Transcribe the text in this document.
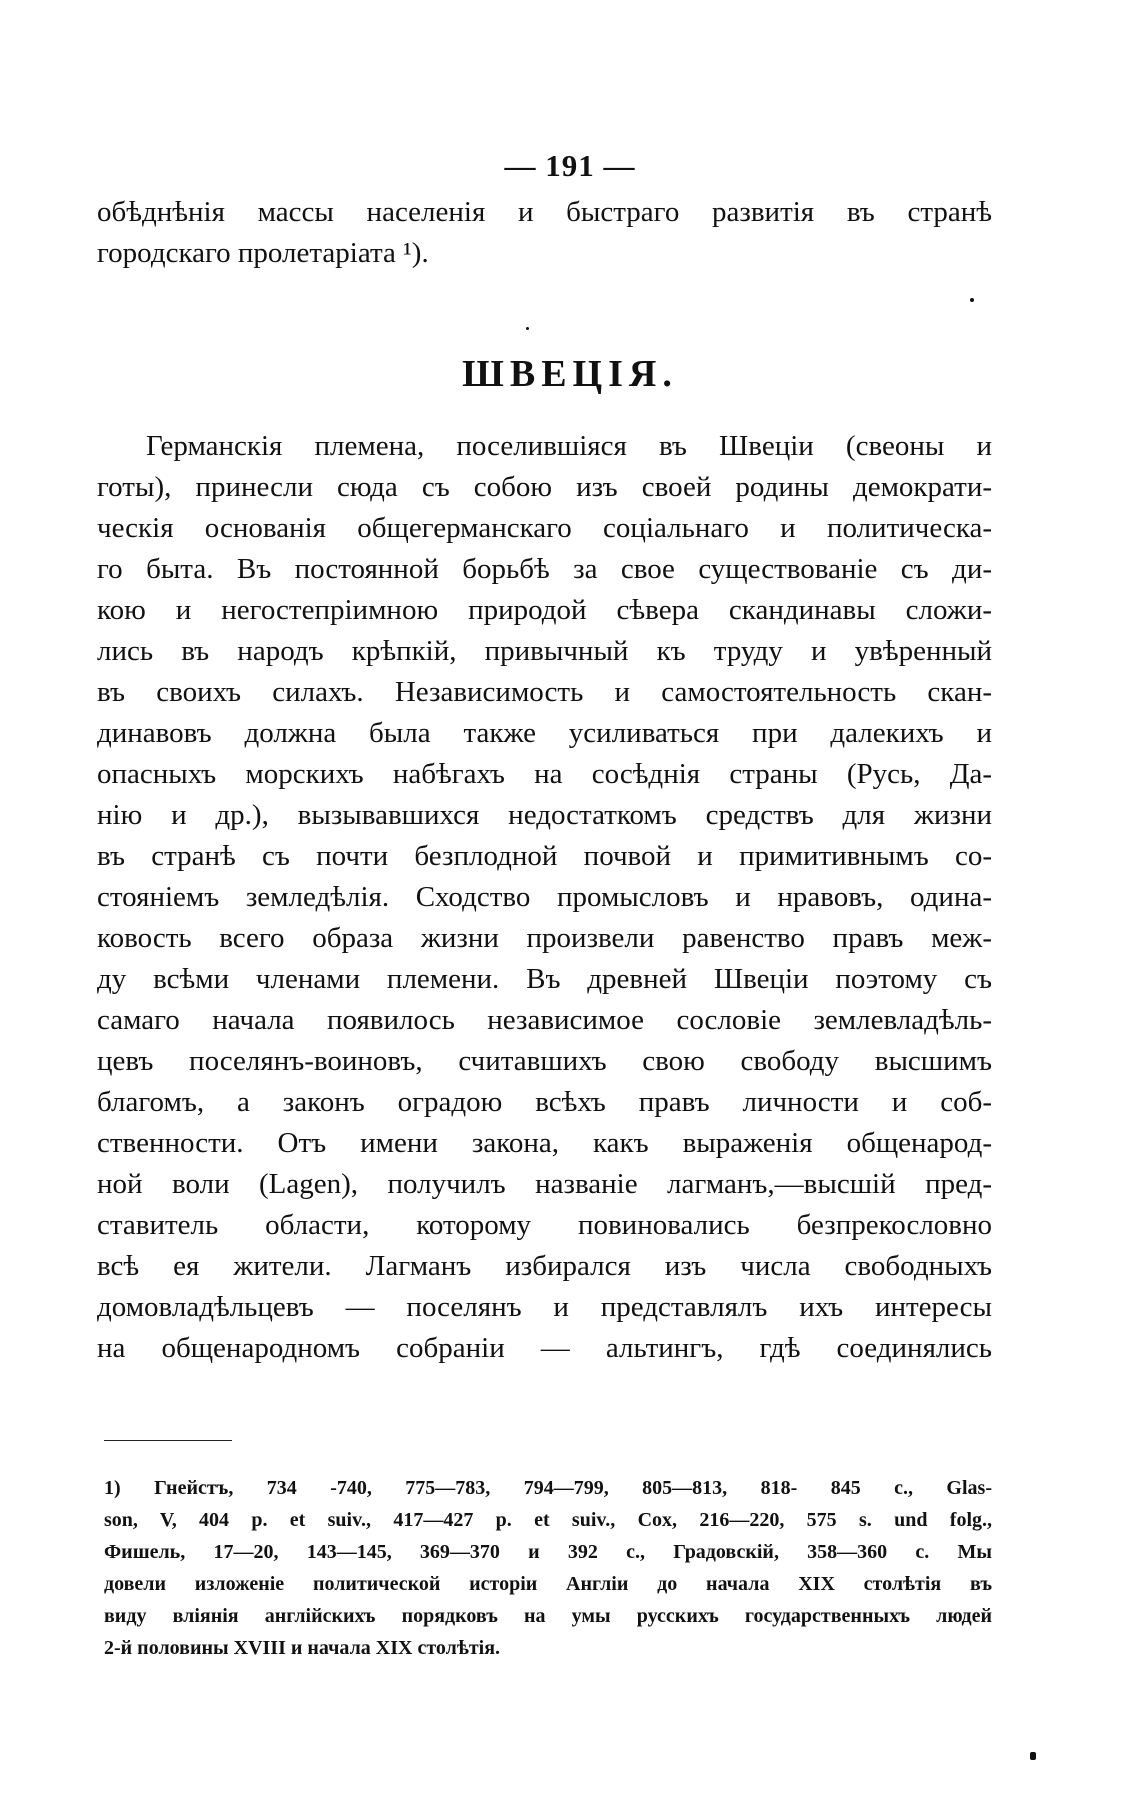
— 191 —
обѣднѣнія массы населенія и быстраго развитія въ странѣ
городскаго пролетаріата ¹).
ШВЕЦІЯ.
Германскія племена, поселившіяся въ Швеціи (свеоны и
готы), принесли сюда съ собою изъ своей родины демократи-
ческія основанія общегерманскаго соціальнаго и политическа-
го быта. Въ постоянной борьбѣ за свое существованіе съ ди-
кою и негостепріимною природой сѣвера скандинавы сложи-
лись въ народъ крѣпкій, привычный къ труду и увѣренный
въ своихъ силахъ. Независимость и самостоятельность скан-
динавовъ должна была также усиливаться при далекихъ и
опасныхъ морскихъ набѣгахъ на сосѣднія страны (Русь, Да-
нію и др.), вызывавшихся недостаткомъ средствъ для жизни
въ странѣ съ почти безплодной почвой и примитивнымъ со-
стояніемъ земледѣлія. Сходство промысловъ и нравовъ, одина-
ковость всего образа жизни произвели равенство правъ меж-
ду всѣми членами племени. Въ древней Швеціи поэтому съ
самаго начала появилось независимое сословіе землевладѣль-
цевъ поселянъ-воиновъ, считавшихъ свою свободу высшимъ
благомъ, а законъ оградою всѣхъ правъ личности и соб-
ственности. Отъ имени закона, какъ выраженія общенарод-
ной воли (Lagen), получилъ названіе лагманъ,—высшій пред-
ставитель области, которому повиновались безпрекословно
всѣ ея жители. Лагманъ избирался изъ числа свободныхъ
домовладѣльцевъ — поселянъ и представлялъ ихъ интересы
на общенародномъ собраніи — альтингъ, гдѣ соединялись
1) Гнейстъ, 734 -740, 775—783, 794—799, 805—813, 818- 845 с., Glas-
son, V, 404 p. et suiv., 417—427 p. et suiv., Cox, 216—220, 575 s. und folg.,
Фишель, 17—20, 143—145, 369—370 и 392 с., Градовскій, 358—360 с. Мы
довели изложеніе политической исторіи Англіи до начала XIX столѣтія въ
виду вліянія англійскихъ порядковъ на умы русскихъ государственныхъ людей
2-й половины XVIII и начала XIX столѣтія.
